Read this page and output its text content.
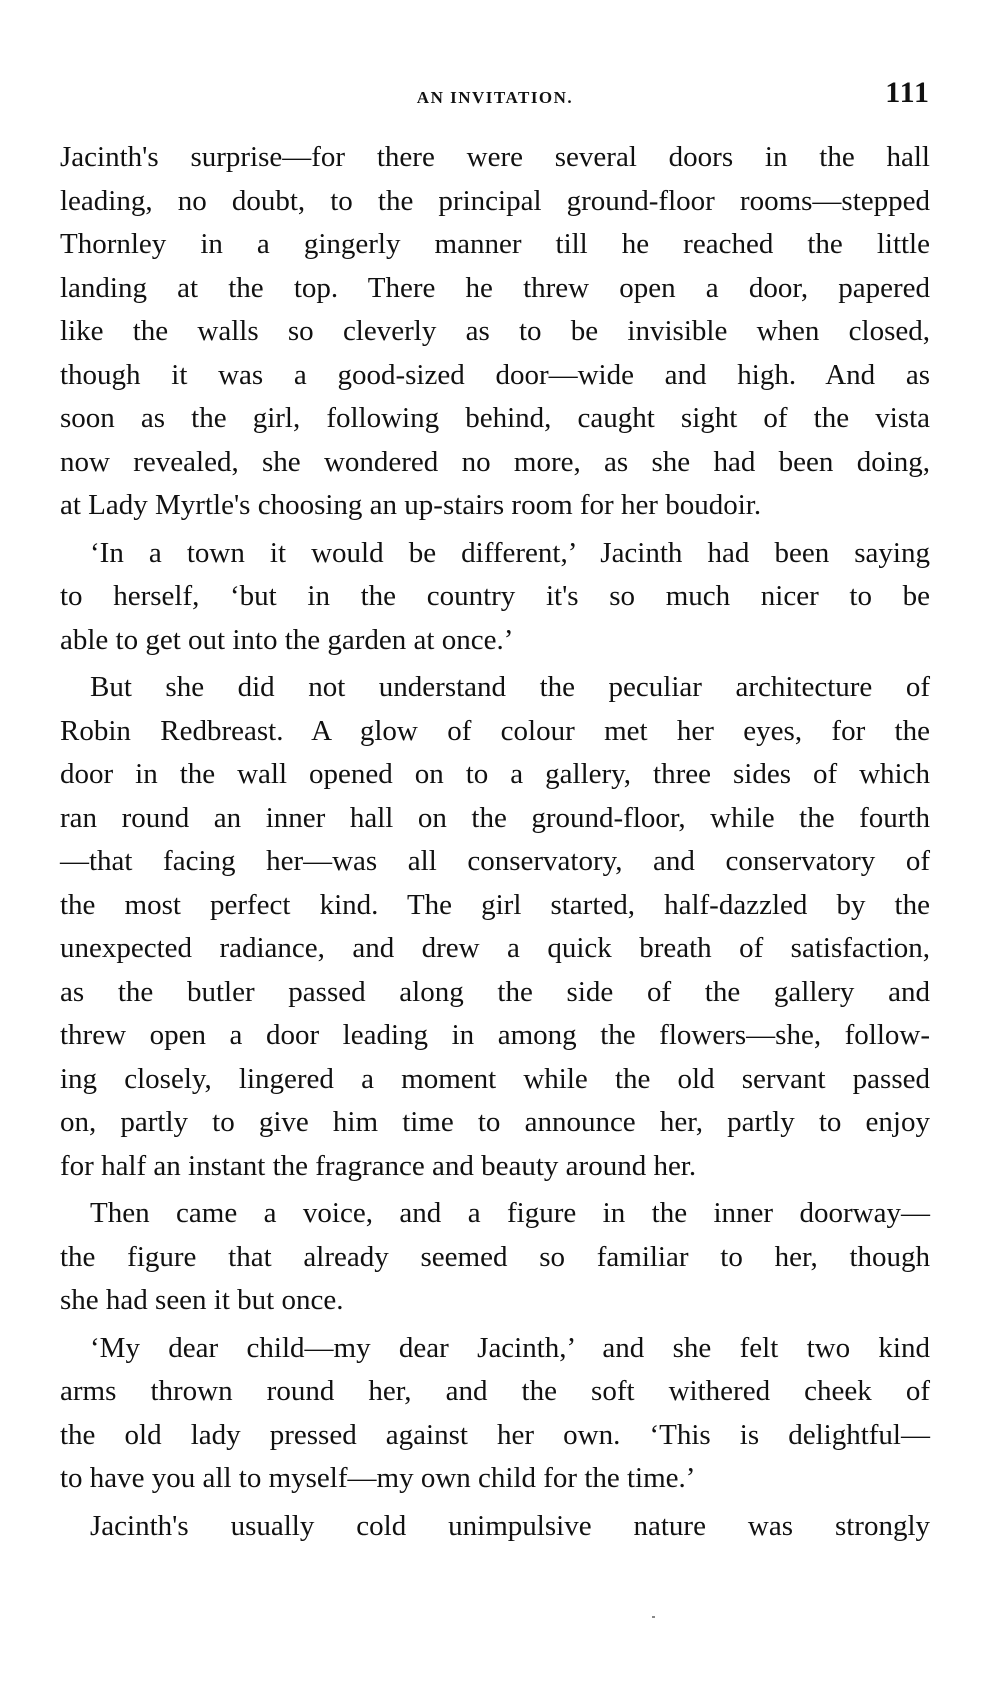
AN INVITATION.	111
Jacinth's surprise—for there were several doors in the hall
leading, no doubt, to the principal ground-floor rooms—stepped
Thornley in a gingerly manner till he reached the little
landing at the top. There he threw open a door, papered
like the walls so cleverly as to be invisible when closed,
though it was a good-sized door—wide and high. And as
soon as the girl, following behind, caught sight of the vista
now revealed, she wondered no more, as she had been doing,
at Lady Myrtle's choosing an up-stairs room for her boudoir.
‘In a town it would be different,’ Jacinth had been saying
to herself, ‘but in the country it's so much nicer to be
able to get out into the garden at once.’
But she did not understand the peculiar architecture of
Robin Redbreast. A glow of colour met her eyes, for the
door in the wall opened on to a gallery, three sides of which
ran round an inner hall on the ground-floor, while the fourth
—that facing her—was all conservatory, and conservatory of
the most perfect kind. The girl started, half-dazzled by the
unexpected radiance, and drew a quick breath of satisfaction,
as the butler passed along the side of the gallery and
threw open a door leading in among the flowers—she, follow-
ing closely, lingered a moment while the old servant passed
on, partly to give him time to announce her, partly to enjoy
for half an instant the fragrance and beauty around her.
Then came a voice, and a figure in the inner doorway—
the figure that already seemed so familiar to her, though
she had seen it but once.
‘My dear child—my dear Jacinth,’ and she felt two kind
arms thrown round her, and the soft withered cheek of
the old lady pressed against her own. ‘This is delightful—
to have you all to myself—my own child for the time.’
Jacinth's usually cold unimpulsive nature was strongly
